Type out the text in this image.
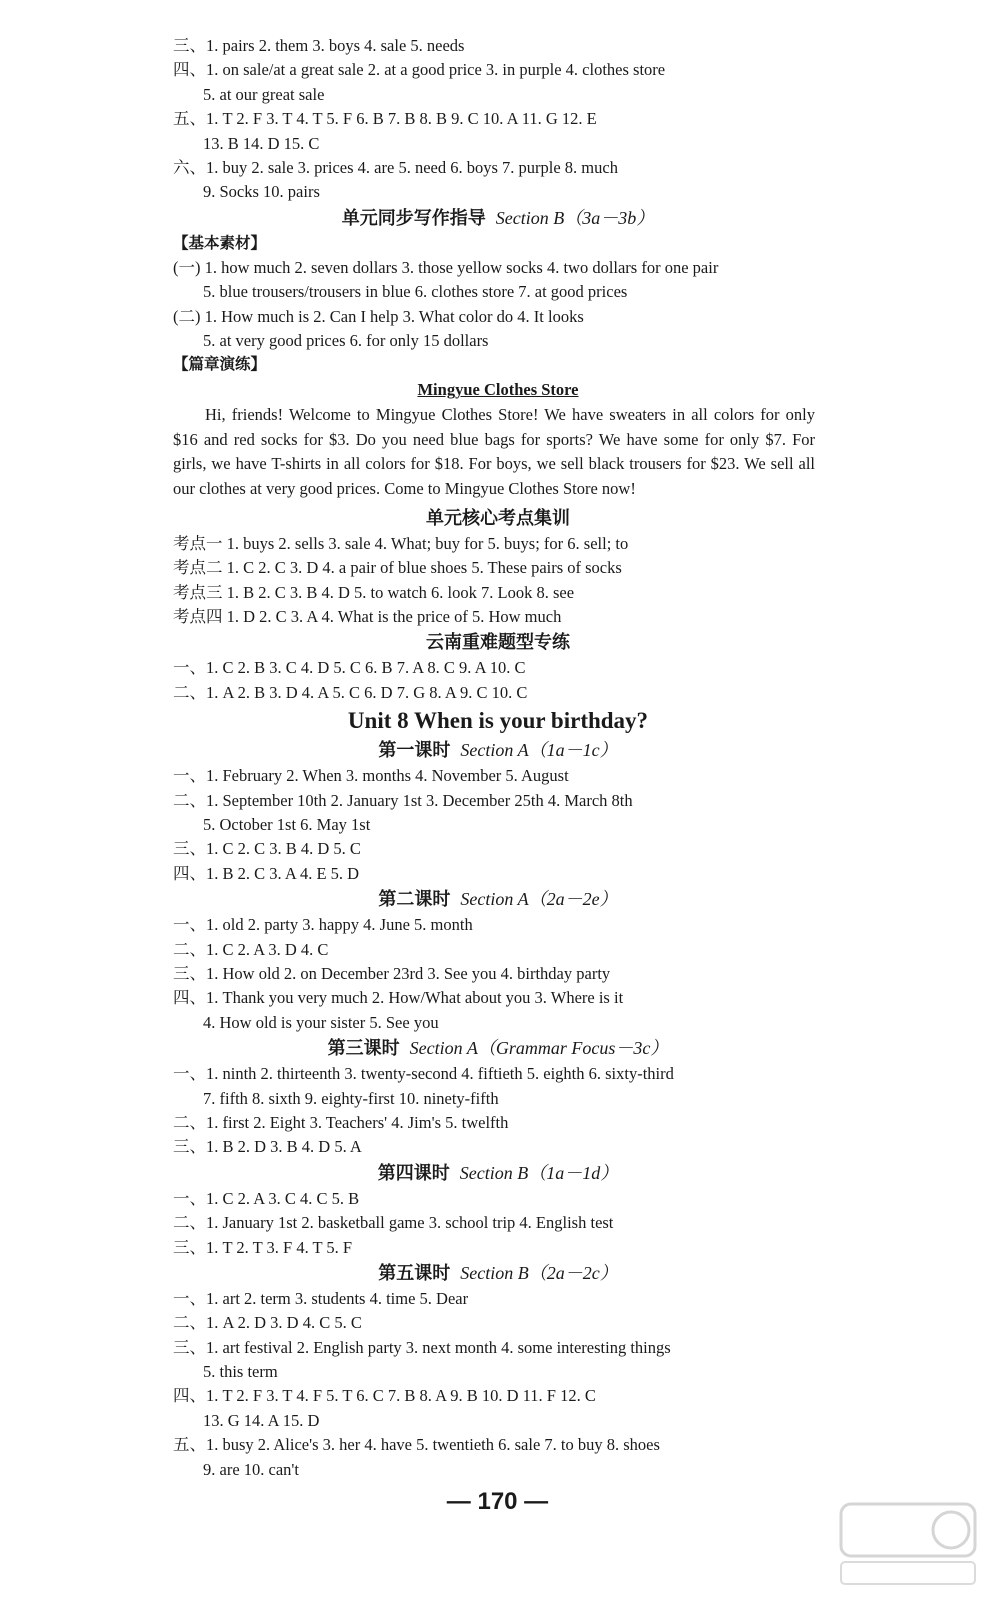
三、1. pairs 2. them 3. boys 4. sale 5. needs
四、1. on sale/at a great sale 2. at a good price 3. in purple 4. clothes store
5. at our great sale
五、1. T 2. F 3. T 4. T 5. F 6. B 7. B 8. B 9. C 10. A 11. G 12. E
13. B 14. D 15. C
六、1. buy 2. sale 3. prices 4. are 5. need 6. boys 7. purple 8. much
9. Socks 10. pairs
单元同步写作指导 Section B（3a－3b）
【基本素材】
(一) 1. how much 2. seven dollars 3. those yellow socks 4. two dollars for one pair
5. blue trousers/trousers in blue 6. clothes store 7. at good prices
(二) 1. How much is 2. Can I help 3. What color do 4. It looks
5. at very good prices 6. for only 15 dollars
【篇章演练】
Mingyue Clothes Store
Hi, friends! Welcome to Mingyue Clothes Store! We have sweaters in all colors for only $16 and red socks for $3. Do you need blue bags for sports? We have some for only $7. For girls, we have T-shirts in all colors for $18. For boys, we sell black trousers for $23. We sell all our clothes at very good prices. Come to Mingyue Clothes Store now!
单元核心考点集训
考点一 1. buys 2. sells 3. sale 4. What; buy for 5. buys; for 6. sell; to
考点二 1. C 2. C 3. D 4. a pair of blue shoes 5. These pairs of socks
考点三 1. B 2. C 3. B 4. D 5. to watch 6. look 7. Look 8. see
考点四 1. D 2. C 3. A 4. What is the price of 5. How much
云南重难题型专练
一、1. C 2. B 3. C 4. D 5. C 6. B 7. A 8. C 9. A 10. C
二、1. A 2. B 3. D 4. A 5. C 6. D 7. G 8. A 9. C 10. C
Unit 8 When is your birthday?
第一课时 Section A（1a－1c）
一、1. February 2. When 3. months 4. November 5. August
二、1. September 10th 2. January 1st 3. December 25th 4. March 8th
5. October 1st 6. May 1st
三、1. C 2. C 3. B 4. D 5. C
四、1. B 2. C 3. A 4. E 5. D
第二课时 Section A（2a－2e）
一、1. old 2. party 3. happy 4. June 5. month
二、1. C 2. A 3. D 4. C
三、1. How old 2. on December 23rd 3. See you 4. birthday party
四、1. Thank you very much 2. How/What about you 3. Where is it
4. How old is your sister 5. See you
第三课时 Section A（Grammar Focus－3c）
一、1. ninth 2. thirteenth 3. twenty-second 4. fiftieth 5. eighth 6. sixty-third
7. fifth 8. sixth 9. eighty-first 10. ninety-fifth
二、1. first 2. Eight 3. Teachers' 4. Jim's 5. twelfth
三、1. B 2. D 3. B 4. D 5. A
第四课时 Section B（1a－1d）
一、1. C 2. A 3. C 4. C 5. B
二、1. January 1st 2. basketball game 3. school trip 4. English test
三、1. T 2. T 3. F 4. T 5. F
第五课时 Section B（2a－2c）
一、1. art 2. term 3. students 4. time 5. Dear
二、1. A 2. D 3. D 4. C 5. C
三、1. art festival 2. English party 3. next month 4. some interesting things
5. this term
四、1. T 2. F 3. T 4. F 5. T 6. C 7. B 8. A 9. B 10. D 11. F 12. C
13. G 14. A 15. D
五、1. busy 2. Alice's 3. her 4. have 5. twentieth 6. sale 7. to buy 8. shoes
9. are 10. can't
— 170 —
